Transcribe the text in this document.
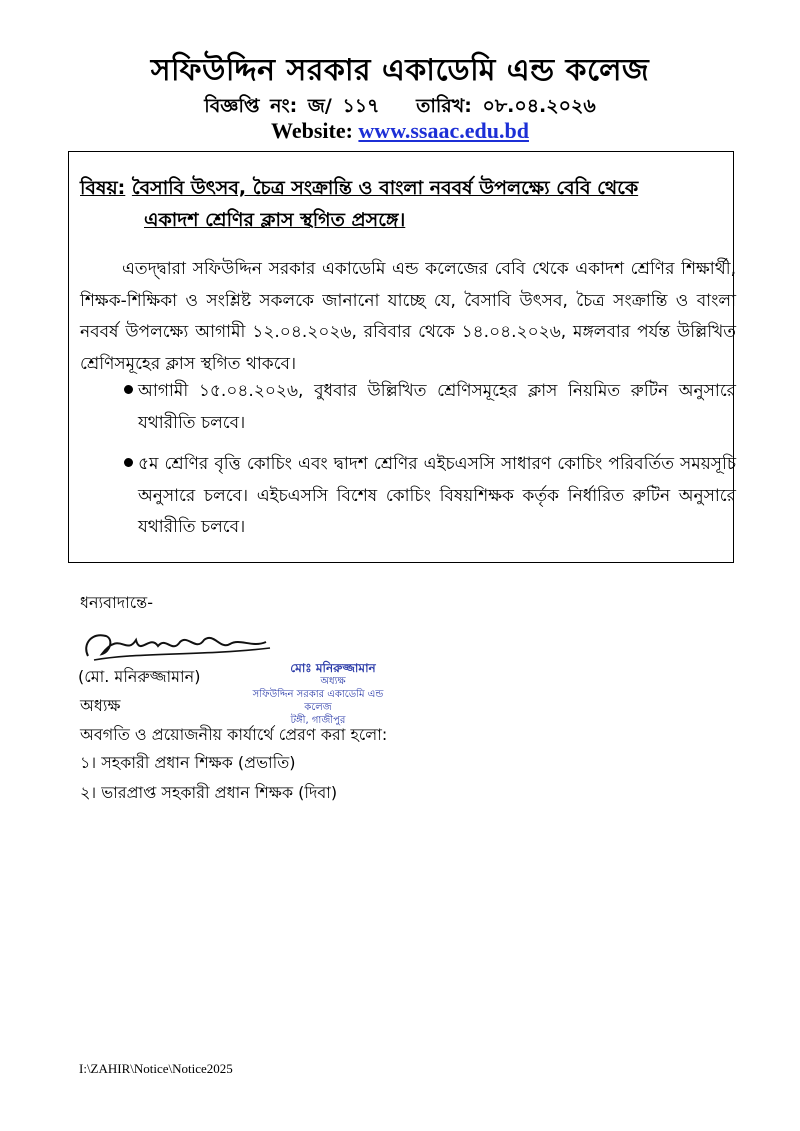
সফিউদ্দিন সরকার একাডেমি এন্ড কলেজ
বিজ্ঞপ্তি নং: জ/ ১১৭ তারিখ: ০৮.০৪.২০২৬
Website: www.ssaac.edu.bd
বিষয়: বৈসাবি উৎসব, চৈত্র সংক্রান্তি ও বাংলা নববর্ষ উপলক্ষ্যে বেবি থেকে
একাদশ শ্রেণির ক্লাস স্থগিত প্রসঙ্গে।
এতদ্দ্বারা সফিউদ্দিন সরকার একাডেমি এন্ড কলেজের বেবি থেকে একাদশ শ্রেণির শিক্ষার্থী, শিক্ষক-শিক্ষিকা ও সংশ্লিষ্ট সকলকে জানানো যাচ্ছে যে, বৈসাবি উৎসব, চৈত্র সংক্রান্তি ও বাংলা নববর্ষ উপলক্ষ্যে আগামী ১২.০৪.২০২৬, রবিবার থেকে ১৪.০৪.২০২৬, মঙ্গলবার পর্যন্ত উল্লিখিত শ্রেণিসমূহের ক্লাস স্থগিত থাকবে।
আগামী ১৫.০৪.২০২৬, বুধবার উল্লিখিত শ্রেণিসমূহের ক্লাস নিয়মিত রুটিন অনুসারে যথারীতি চলবে।
৫ম শ্রেণির বৃত্তি কোচিং এবং দ্বাদশ শ্রেণির এইচএসসি সাধারণ কোচিং পরিবর্তিত সময়সূচি অনুসারে চলবে। এইচএসসি বিশেষ কোচিং বিষয়শিক্ষক কর্তৃক নির্ধারিত রুটিন অনুসারে যথারীতি চলবে।
ধন্যবাদান্তে-
(মো. মনিরুজ্জামান)
অধ্যক্ষ
মোঃ মনিরুজ্জামান
অধ্যক্ষ
সফিউদ্দিন সরকার একাডেমি এন্ড কলেজ
টঙ্গী, গাজীপুর
অবগতি ও প্রয়োজনীয় কার্যার্থে প্রেরণ করা হলো:
১। সহকারী প্রধান শিক্ষক (প্রভাতি)
২। ভারপ্রাপ্ত সহকারী প্রধান শিক্ষক (দিবা)
I:\ZAHIR\Notice\Notice2025
